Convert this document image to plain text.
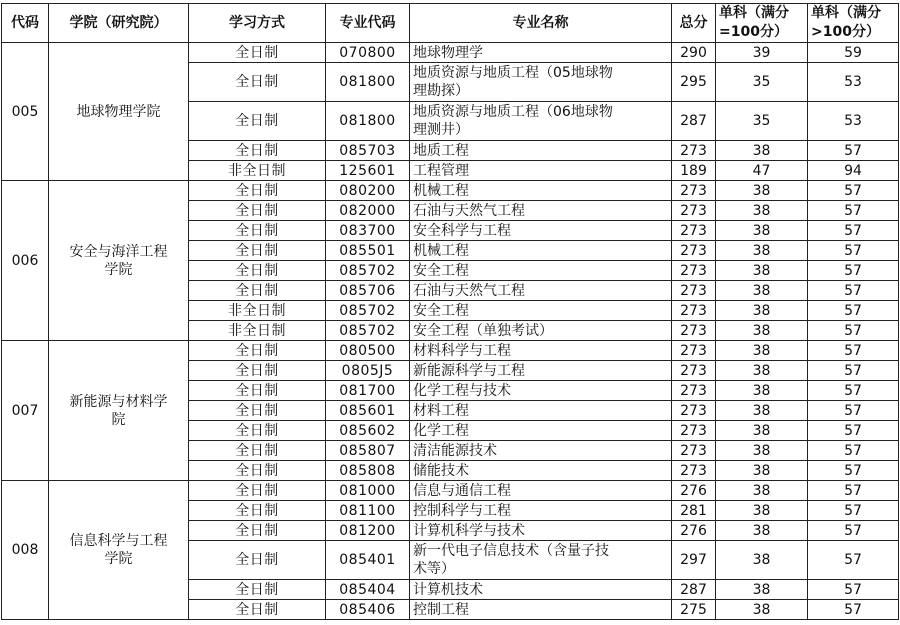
代码	学院（研究院）	学习方式	专业代码	专业名称	总分	单科（满分
=100分）	单科（满分
>100分）
005	地球物理学院	全日制	070800	地球物理学	290	39	59
		全日制	081800	地质资源与地质工程（05地球物
理勘探）	295	35	53
		全日制	081800	地质资源与地质工程（06地球物
理测井）	287	35	53
		全日制	085703	地质工程	273	38	57
		非全日制	125601	工程管理	189	47	94
006	安全与海洋工程
学院	全日制	080200	机械工程	273	38	57
		全日制	082000	石油与天然气工程	273	38	57
		全日制	083700	安全科学与工程	273	38	57
		全日制	085501	机械工程	273	38	57
		全日制	085702	安全工程	273	38	57
		全日制	085706	石油与天然气工程	273	38	57
		非全日制	085702	安全工程	273	38	57
		非全日制	085702	安全工程（单独考试）	273	38	57
007	新能源与材料学
院	全日制	080500	材料科学与工程	273	38	57
		全日制	0805J5	新能源科学与工程	273	38	57
		全日制	081700	化学工程与技术	273	38	57
		全日制	085601	材料工程	273	38	57
		全日制	085602	化学工程	273	38	57
		全日制	085807	清洁能源技术	273	38	57
		全日制	085808	储能技术	273	38	57
008	信息科学与工程
学院	全日制	081000	信息与通信工程	276	38	57
		全日制	081100	控制科学与工程	281	38	57
		全日制	081200	计算机科学与技术	276	38	57
		全日制	085401	新一代电子信息技术（含量子技
术等）	297	38	57
		全日制	085404	计算机技术	287	38	57
		全日制	085406	控制工程	275	38	57
